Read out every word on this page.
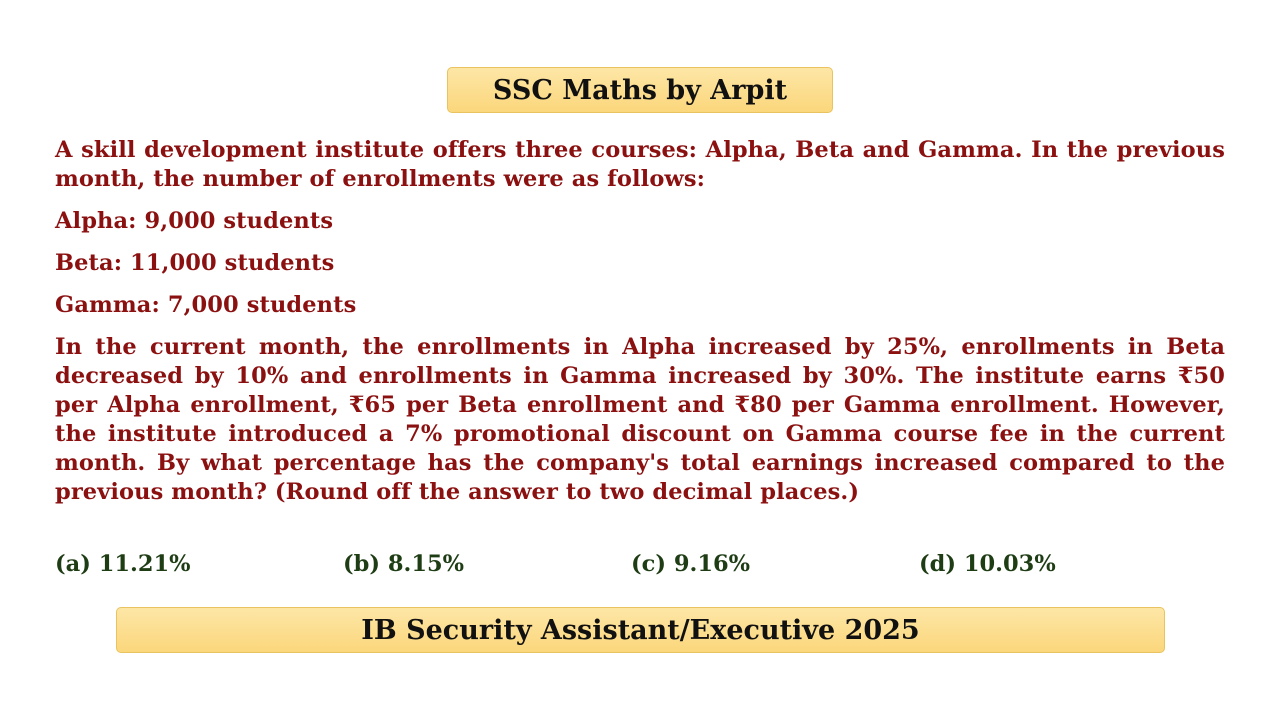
SSC Maths by Arpit

A skill development institute offers three courses: Alpha, Beta and Gamma. In the previous month, the number of enrollments were as follows:

Alpha: 9,000 students

Beta: 11,000 students

Gamma: 7,000 students

In the current month, the enrollments in Alpha increased by 25%, enrollments in Beta decreased by 10% and enrollments in Gamma increased by 30%. The institute earns ₹50 per Alpha enrollment, ₹65 per Beta enrollment and ₹80 per Gamma enrollment. However, the institute introduced a 7% promotional discount on Gamma course fee in the current month. By what percentage has the company's total earnings increased compared to the previous month? (Round off the answer to two decimal places.)

(a) 11.21%	(b) 8.15%	(c) 9.16%	(d) 10.03%
IB Security Assistant/Executive 2025
